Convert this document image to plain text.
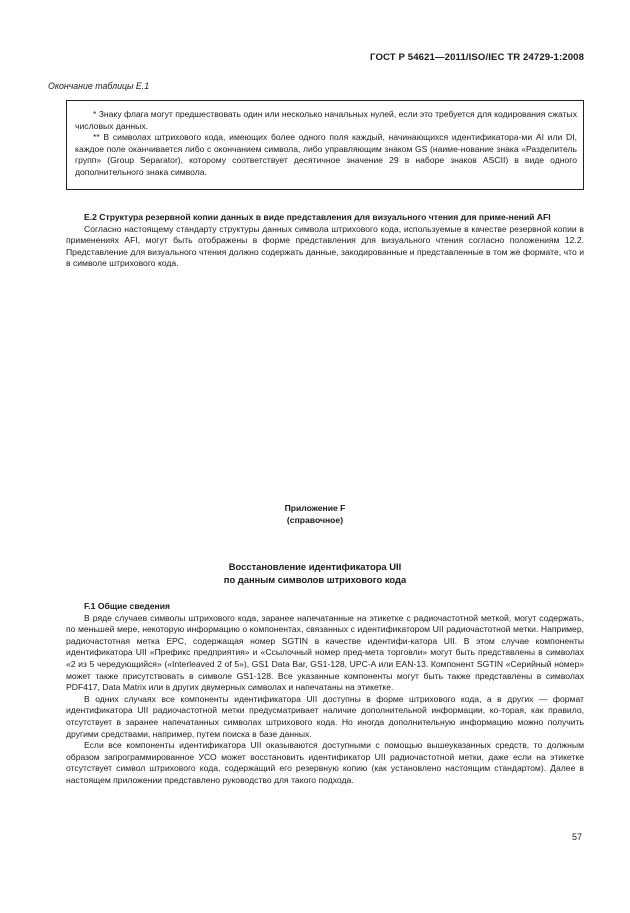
ГОСТ Р 54621—2011/ISO/IEC TR 24729-1:2008
Окончание таблицы Е.1

* Знаку флага могут предшествовать один или несколько начальных нулей, если это требуется для кодирования сжатых числовых данных.

** В символах штрихового кода, имеющих более одного поля каждый, начинающихся идентификатора-ми AI или DI, каждое поле оканчивается либо с окончанием символа, либо управляющим знаком GS (наиме-нование знака «Разделитель групп» (Group Separator), которому соответствует десятичное значение 29 в наборе знаков ASCII) в виде одного дополнительного знака символа.

Е.2 Структура резервной копии данных в виде представления для визуального чтения для приме-нений AFI

Согласно настоящему стандарту структуры данных символа штрихового кода, используемые в качестве резервной копии в применениях AFI, могут быть отображены в форме представления для визуального чтения согласно положениям 12.2. Представление для визуального чтения должно содержать данные, закодированные и представленные в том же формате, что и в символе штрихового кода.

Приложение F
(справочное)
Восстановление идентификатора UII
по данным символов штрихового кода

F.1 Общие сведения

В ряде случаев символы штрихового кода, заранее напечатанные на этикетке с радиочастотной меткой, могут содержать, по меньшей мере, некоторую информацию о компонентах, связанных с идентификатором UII радиочастотной метки. Например, радиочастотная метка EPC, содержащая номер SGTIN в качестве идентифи-катора UII. В этом случае компоненты идентификатора UII «Префикс предприятия» и «Ссылочный номер пред-мета торговли» могут быть представлены в символах «2 из 5 чередующийся» («Interleaved 2 of 5»), GS1 Data Bar, GS1-128, UPC-A или EAN-13. Компонент SGTIN «Серийный номер» может также присутствовать в символе GS1-128. Все указанные компоненты могут быть также представлены в символах PDF417, Data Matrix или в других двумерных символах и напечатаны на этикетке.

В одних случаях все компоненты идентификатора UII доступны в форме штрихового кода, а в других — формат идентификатора UII радиочастотной метки предусматривает наличие дополнительной информации, ко-торая, как правило, отсутствует в заранее напечатанных символах штрихового кода. Но иногда дополнительную информацию можно получить другими средствами, например, путем поиска в базе данных.

Если все компоненты идентификатора UII оказываются доступными с помощью вышеуказанных средств, то должным образом запрограммированное УСО может восстановить идентификатор UII радиочастотной метки, даже если на этикетке отсутствует символ штрихового кода, содержащий его резервную копию (как установлено настоящим стандартом). Далее в настоящем приложении представлено руководство для такого подхода.

57
